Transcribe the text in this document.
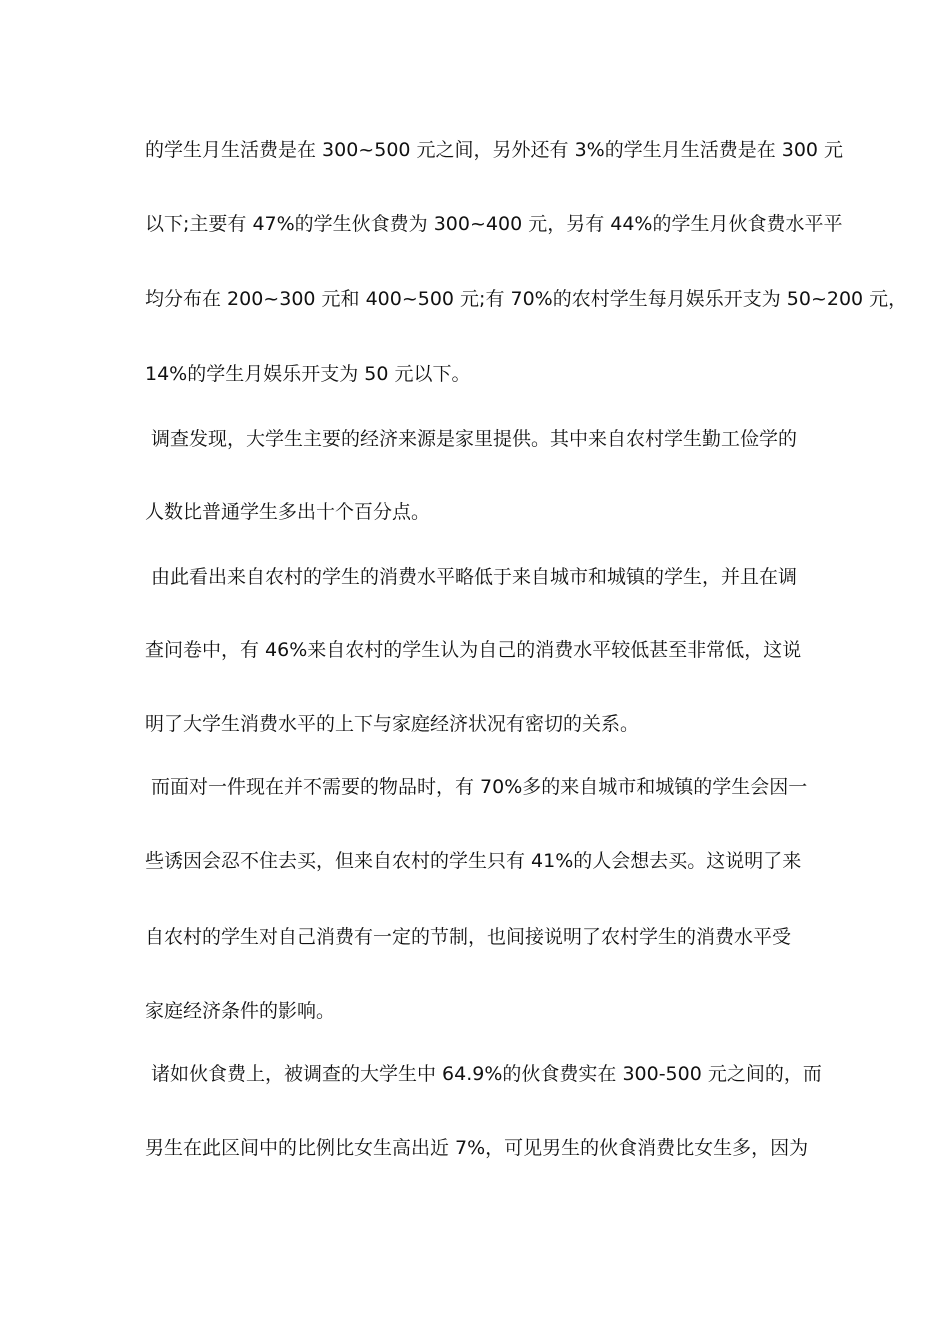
的学生月生活费是在 300~500 元之间，另外还有 3%的学生月生活费是在 300 元
以下;主要有 47%的学生伙食费为 300~400 元，另有 44%的学生月伙食费水平平
均分布在 200~300 元和 400~500 元;有 70%的农村学生每月娱乐开支为 50~200 元，
14%的学生月娱乐开支为 50 元以下。
调查发现，大学生主要的经济来源是家里提供。其中来自农村学生勤工俭学的
人数比普通学生多出十个百分点。
由此看出来自农村的学生的消费水平略低于来自城市和城镇的学生，并且在调
查问卷中，有 46%来自农村的学生认为自己的消费水平较低甚至非常低，这说
明了大学生消费水平的上下与家庭经济状况有密切的关系。
而面对一件现在并不需要的物品时，有 70%多的来自城市和城镇的学生会因一
些诱因会忍不住去买，但来自农村的学生只有 41%的人会想去买。这说明了来
自农村的学生对自己消费有一定的节制，也间接说明了农村学生的消费水平受
家庭经济条件的影响。
诸如伙食费上，被调查的大学生中 64.9%的伙食费实在 300-500 元之间的，而
男生在此区间中的比例比女生高出近 7%，可见男生的伙食消费比女生多，因为
